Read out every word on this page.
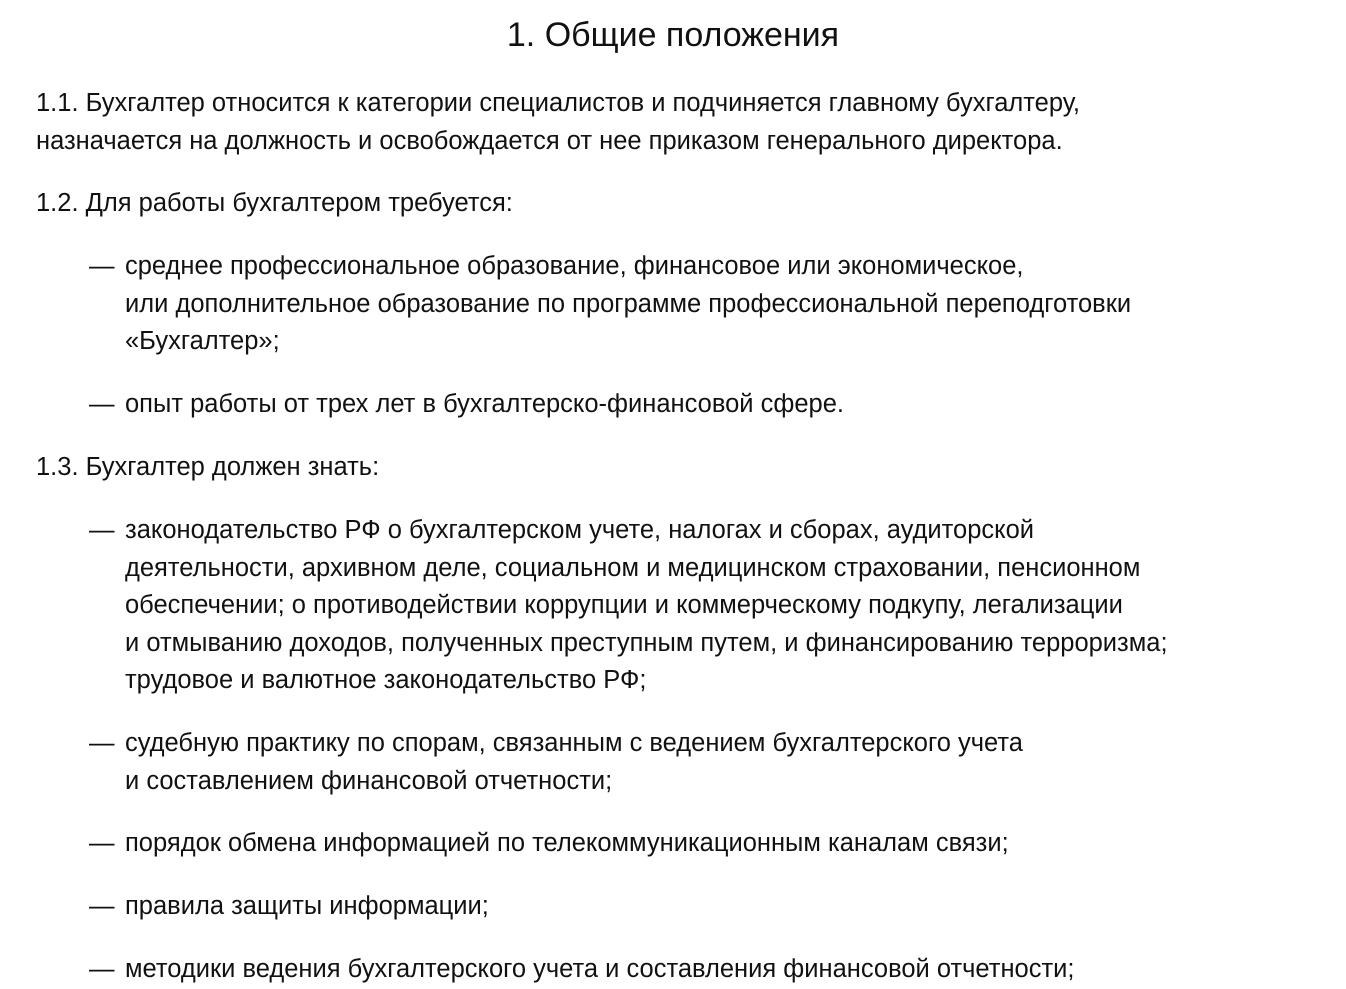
1. Общие положения
1.1. Бухгалтер относится к категории специалистов и подчиняется главному бухгалтеру,
назначается на должность и освобождается от нее приказом генерального директора.
1.2. Для работы бухгалтером требуется:
— среднее профессиональное образование, финансовое или экономическое,
или дополнительное образование по программе профессиональной переподготовки
«Бухгалтер»;
— опыт работы от трех лет в бухгалтерско-финансовой сфере.
1.3. Бухгалтер должен знать:
— законодательство РФ о бухгалтерском учете, налогах и сборах, аудиторской
деятельности, архивном деле, социальном и медицинском страховании, пенсионном
обеспечении; о противодействии коррупции и коммерческому подкупу, легализации
и отмыванию доходов, полученных преступным путем, и финансированию терроризма;
трудовое и валютное законодательство РФ;
— судебную практику по спорам, связанным с ведением бухгалтерского учета
и составлением финансовой отчетности;
— порядок обмена информацией по телекоммуникационным каналам связи;
— правила защиты информации;
— методики ведения бухгалтерского учета и составления финансовой отчетности;
